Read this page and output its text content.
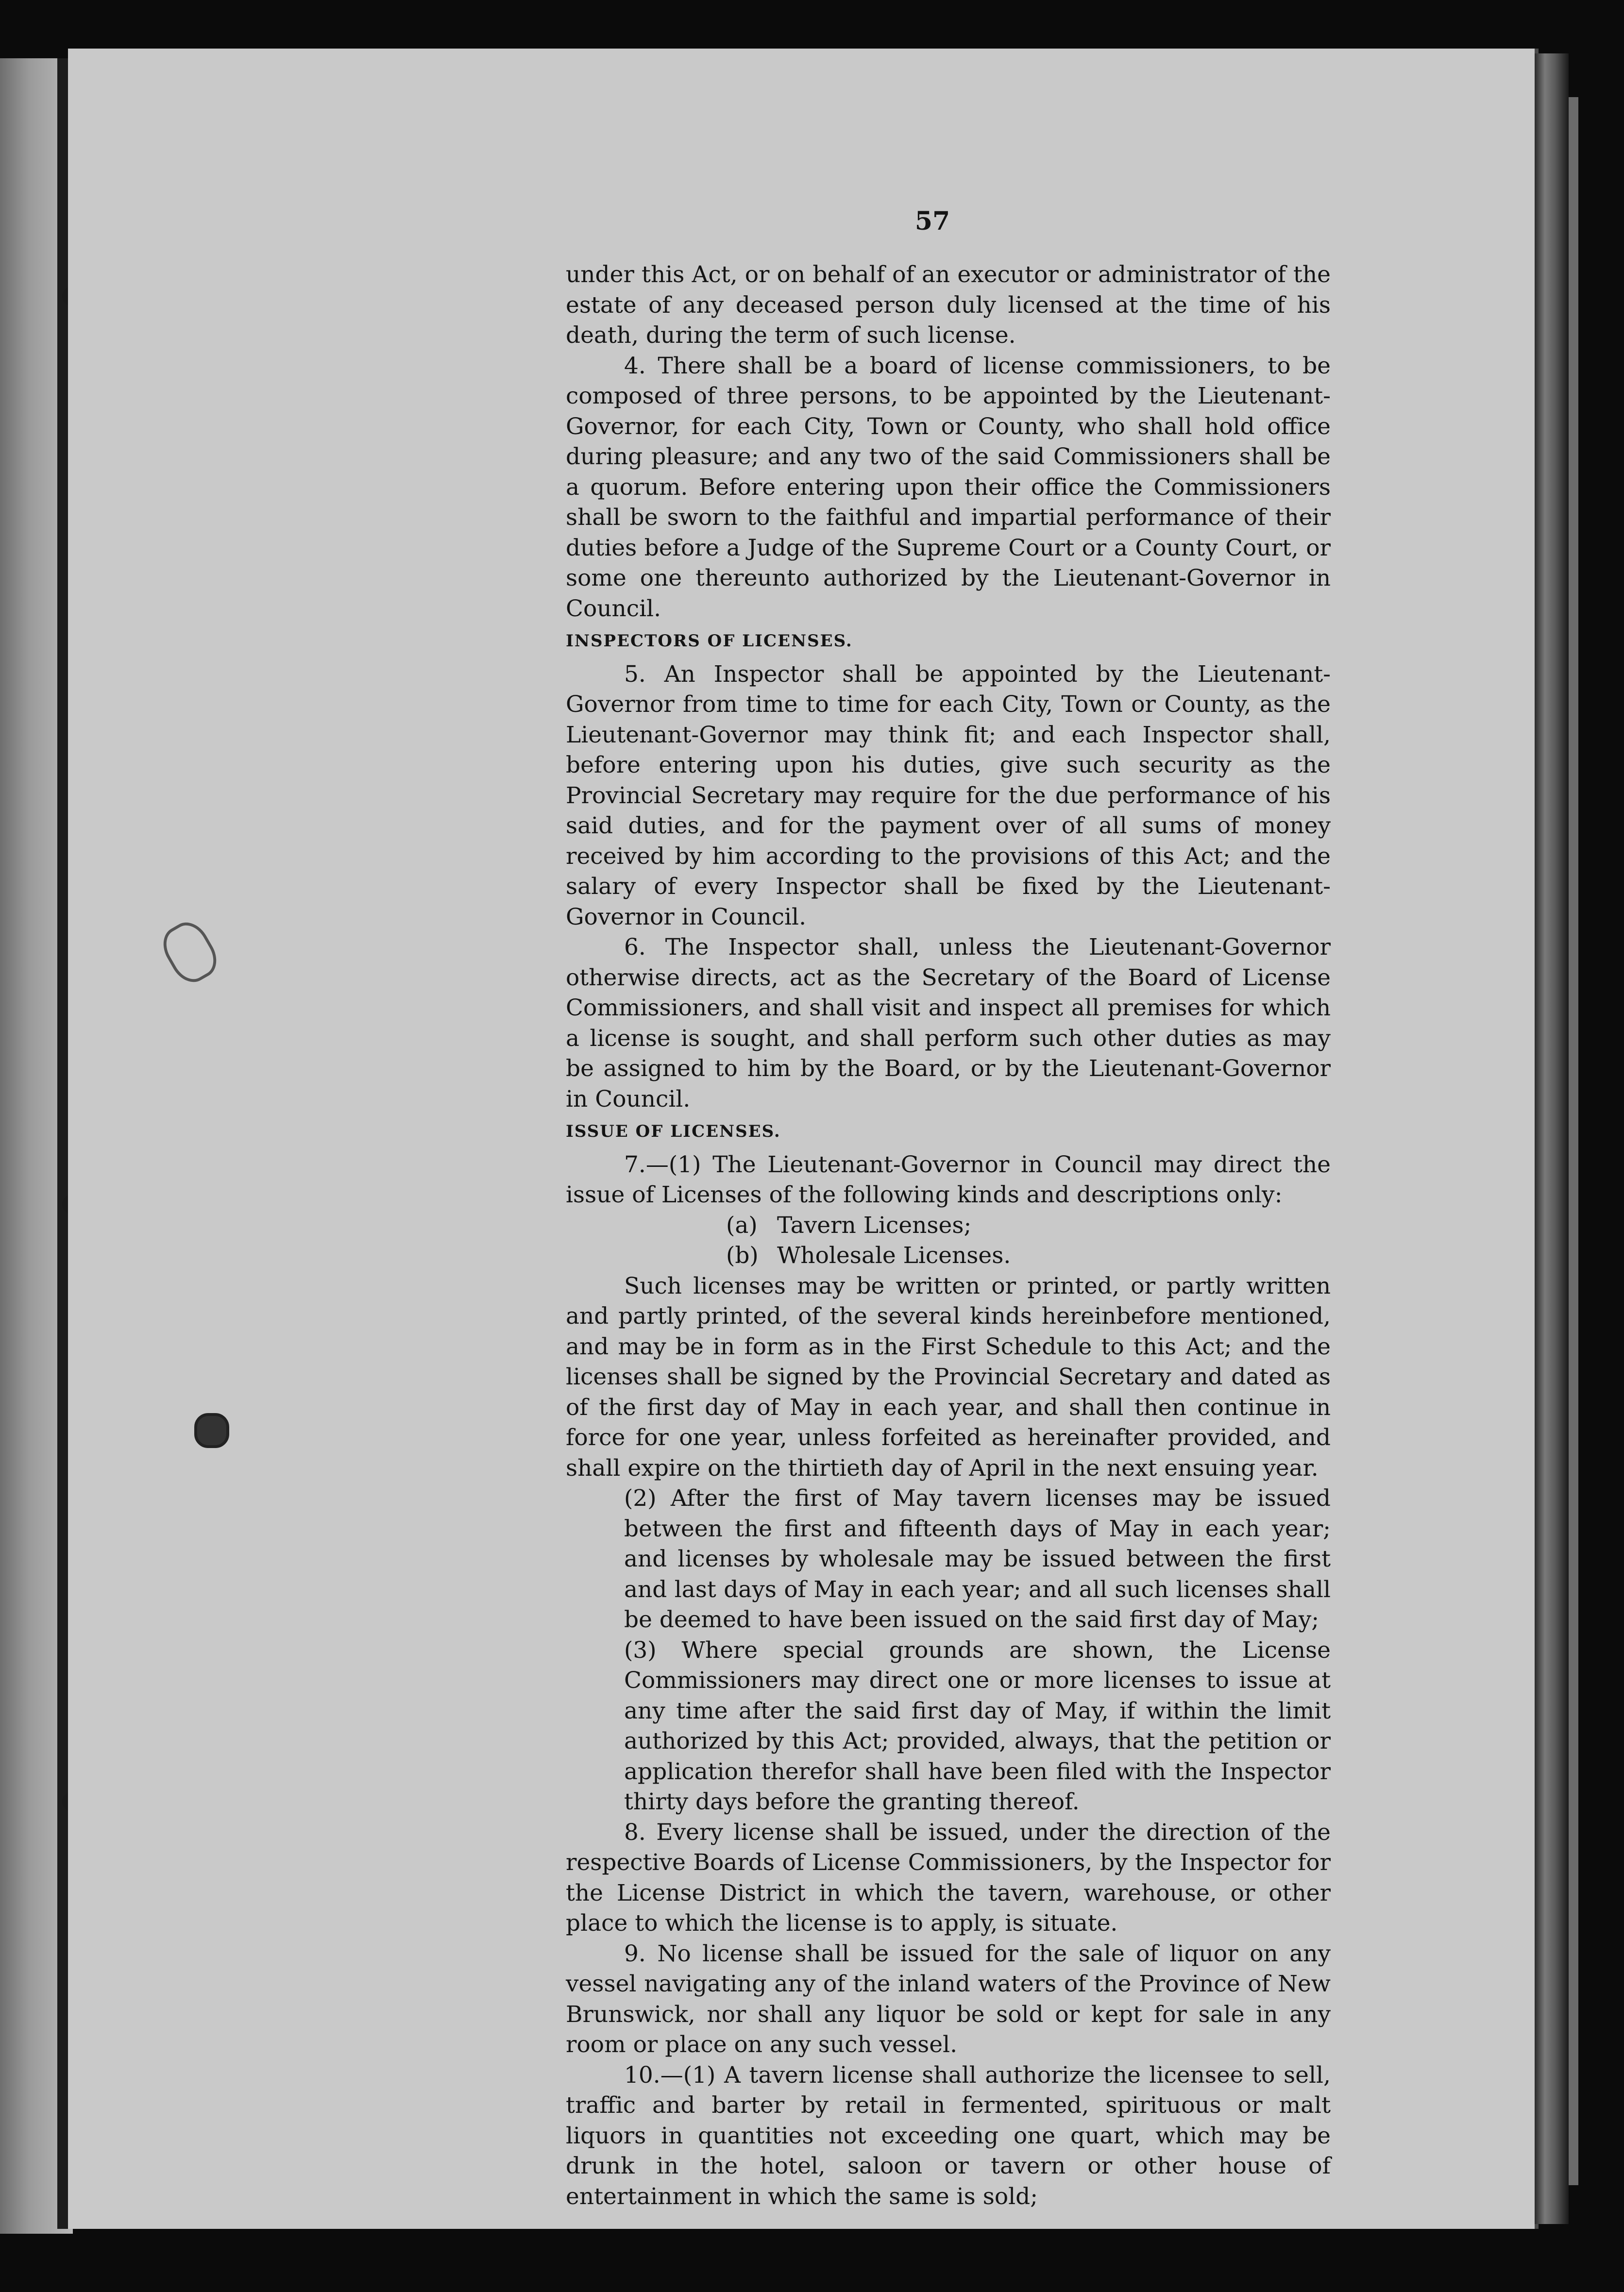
57

under this Act, or on behalf of an executor or administrator of the estate of any deceased person duly licensed at the time of his death, during the term of such license.

4. There shall be a board of license commissioners, to be composed of three persons, to be appointed by the Lieutenant-Governor, for each City, Town or County, who shall hold office during pleasure; and any two of the said Commissioners shall be a quorum. Before entering upon their office the Commissioners shall be sworn to the faithful and impartial performance of their duties before a Judge of the Supreme Court or a County Court, or some one thereunto authorized by the Lieutenant-Governor in Council.

INSPECTORS OF LICENSES.

5. An Inspector shall be appointed by the Lieutenant-Governor from time to time for each City, Town or County, as the Lieutenant-Governor may think fit; and each Inspector shall, before entering upon his duties, give such security as the Provincial Secretary may require for the due performance of his said duties, and for the payment over of all sums of money received by him according to the provisions of this Act; and the salary of every Inspector shall be fixed by the Lieutenant-Governor in Council.

6. The Inspector shall, unless the Lieutenant-Governor otherwise directs, act as the Secretary of the Board of License Commissioners, and shall visit and inspect all premises for which a license is sought, and shall perform such other duties as may be assigned to him by the Board, or by the Lieutenant-Governor in Council.

ISSUE OF LICENSES.

7.—(1) The Lieutenant-Governor in Council may direct the issue of Licenses of the following kinds and descriptions only:

(a) Tavern Licenses;

(b) Wholesale Licenses.

Such licenses may be written or printed, or partly written and partly printed, of the several kinds hereinbefore mentioned, and may be in form as in the First Schedule to this Act; and the licenses shall be signed by the Provincial Secretary and dated as of the first day of May in each year, and shall then continue in force for one year, unless forfeited as hereinafter provided, and shall expire on the thirtieth day of April in the next ensuing year.

(2) After the first of May tavern licenses may be issued between the first and fifteenth days of May in each year; and licenses by wholesale may be issued between the first and last days of May in each year; and all such licenses shall be deemed to have been issued on the said first day of May;

(3) Where special grounds are shown, the License Commissioners may direct one or more licenses to issue at any time after the said first day of May, if within the limit authorized by this Act; provided, always, that the petition or application therefor shall have been filed with the Inspector thirty days before the granting thereof.

8. Every license shall be issued, under the direction of the respective Boards of License Commissioners, by the Inspector for the License District in which the tavern, warehouse, or other place to which the license is to apply, is situate.

9. No license shall be issued for the sale of liquor on any vessel navigating any of the inland waters of the Province of New Brunswick, nor shall any liquor be sold or kept for sale in any room or place on any such vessel.

10.—(1) A tavern license shall authorize the licensee to sell, traffic and barter by retail in fermented, spirituous or malt liquors in quantities not exceeding one quart, which may be drunk in the hotel, saloon or tavern or other house of entertainment in which the same is sold;
